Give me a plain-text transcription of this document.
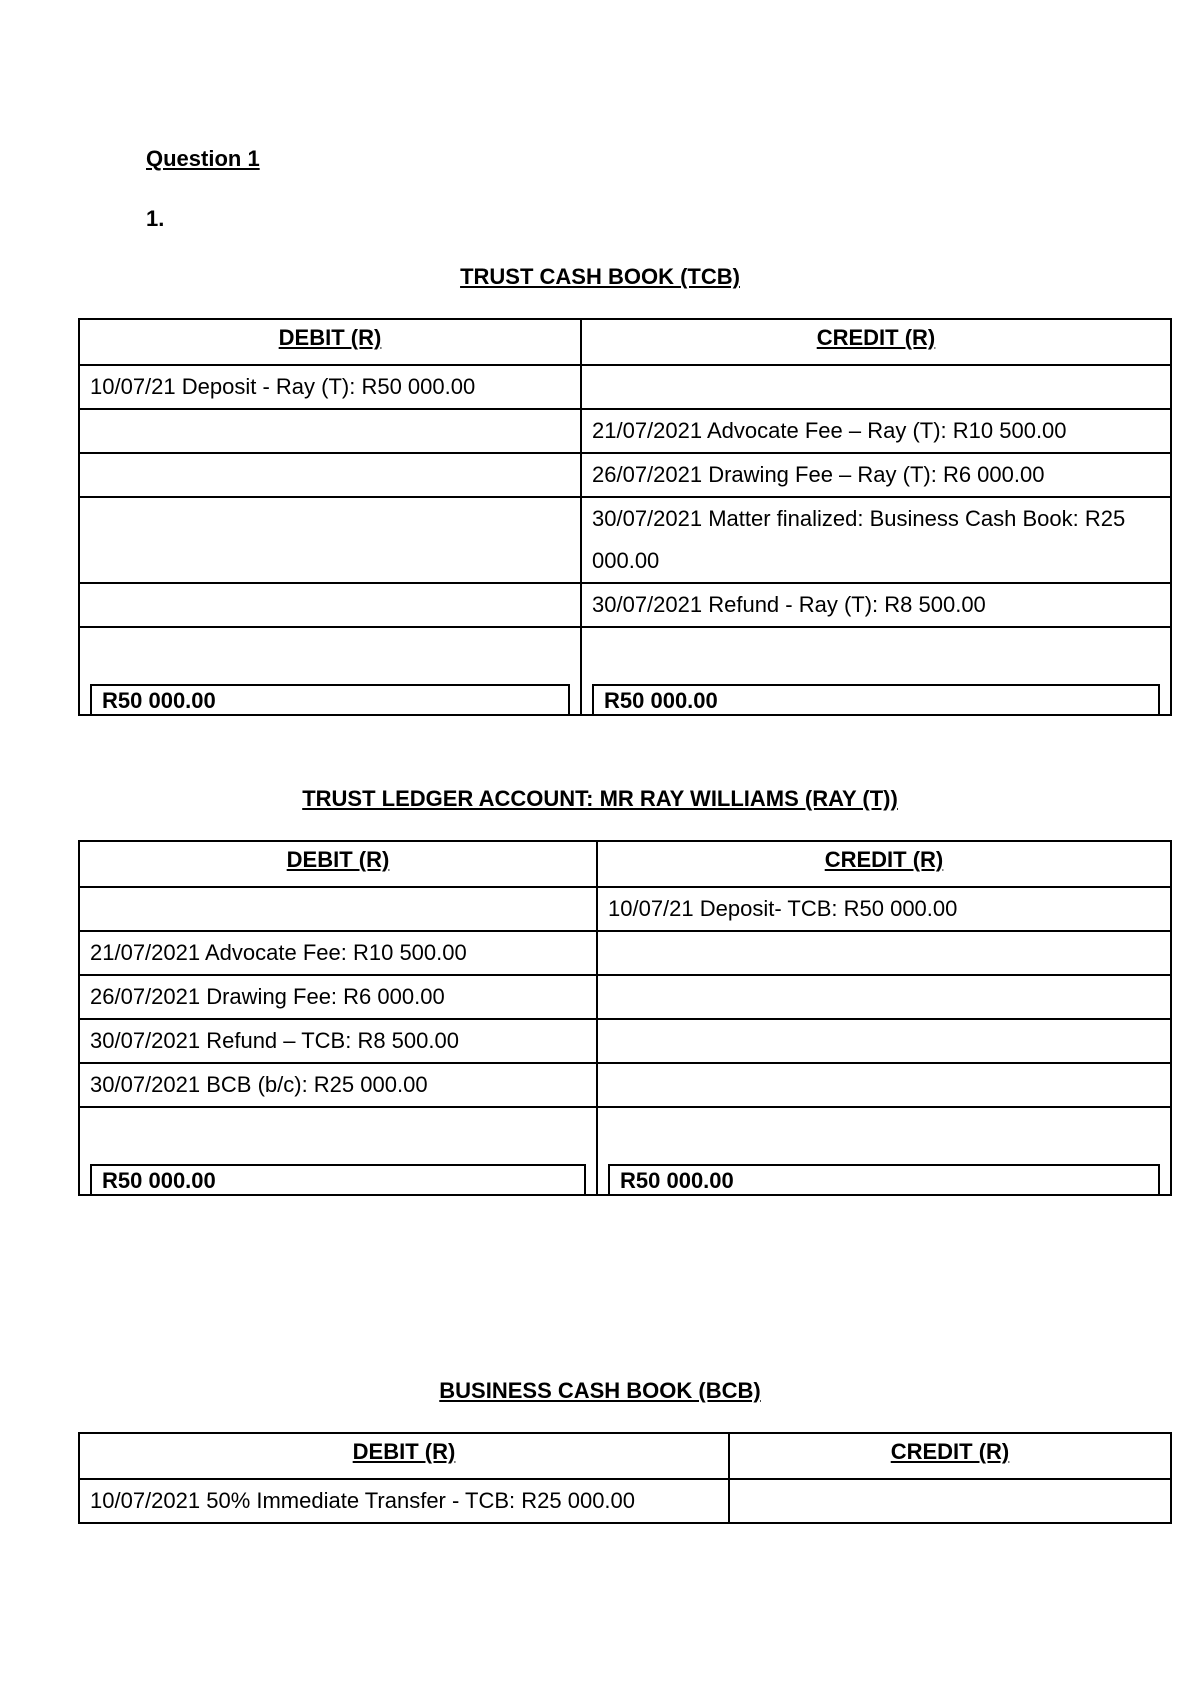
Question 1
1.
TRUST CASH BOOK (TCB)
DEBIT (R)	CREDIT (R)
10/07/21 Deposit - Ray (T): R50 000.00	
	21/07/2021 Advocate Fee – Ray (T): R10 500.00
	26/07/2021 Drawing Fee – Ray (T): R6 000.00
	30/07/2021 Matter finalized: Business Cash Book: R25 000.00
	30/07/2021 Refund - Ray (T): R8 500.00

R50 000.00	R50 000.00
TRUST LEDGER ACCOUNT: MR RAY WILLIAMS (RAY (T))
DEBIT (R)	CREDIT (R)
	10/07/21 Deposit- TCB: R50 000.00
21/07/2021 Advocate Fee: R10 500.00	
26/07/2021 Drawing Fee: R6 000.00	
30/07/2021 Refund – TCB: R8 500.00	
30/07/2021 BCB (b/c): R25 000.00	

R50 000.00	R50 000.00
BUSINESS CASH BOOK (BCB)
DEBIT (R)	CREDIT (R)
10/07/2021 50% Immediate Transfer - TCB: R25 000.00	
